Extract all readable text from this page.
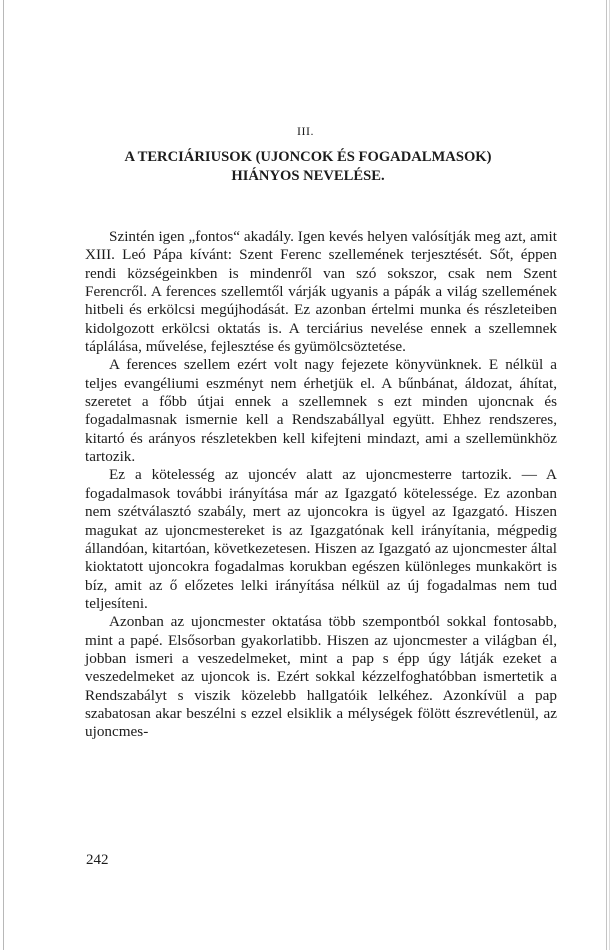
III.
A TERCIÁRIUSOK (UJONCOK ÉS FOGADALMASOK)
HIÁNYOS NEVELÉSE.

Szintén igen „fontos“ akadály. Igen kevés helyen valósítják meg azt, amit XIII. Leó Pápa kívánt: Szent Ferenc szellemének terjesztését. Sőt, éppen rendi községeinkben is mindenről van szó sokszor, csak nem Szent Ferencről. A ferences szellemtől várják ugyanis a pápák a világ szellemének hitbeli és erkölcsi megújhodását. Ez azonban értelmi munka és részleteiben kidolgozott erkölcsi oktatás is. A terciárius nevelése ennek a szellemnek táplálása, művelése, fejlesztése és gyümölcsöztetése.

A ferences szellem ezért volt nagy fejezete könyvünknek. E nélkül a teljes evangéliumi eszményt nem érhetjük el. A bűnbánat, áldozat, áhítat, szeretet a főbb útjai ennek a szellemnek s ezt minden ujoncnak és fogadalmasnak ismernie kell a Rendszabállyal együtt. Ehhez rendszeres, kitartó és arányos részletekben kell kifejteni mindazt, ami a szellemünkhöz tartozik.

Ez a kötelesség az ujoncév alatt az ujoncmesterre tartozik. — A fogadalmasok további irányítása már az Igazgató kötelessége. Ez azonban nem szétválasztó szabály, mert az ujoncokra is ügyel az Igazgató. Hiszen magukat az ujoncmestereket is az Igazgatónak kell irányítania, mégpedig állandóan, kitartóan, következetesen. Hiszen az Igazgató az ujoncmester által kioktatott ujoncokra fogadalmas korukban egészen különleges munkakört is bíz, amit az ő előzetes lelki irányítása nélkül az új fogadalmas nem tud teljesíteni.

Azonban az ujoncmester oktatása több szempontból sokkal fontosabb, mint a papé. Elsősorban gyakorlatibb. Hiszen az ujoncmester a világban él, jobban ismeri a veszedelmeket, mint a pap s épp úgy látják ezeket a veszedelmeket az ujoncok is. Ezért sokkal kézzelfoghatóbban ismertetik a Rendszabályt s viszik közelebb hallgatóik lelkéhez. Azonkívül a pap szabatosan akar beszélni s ezzel elsiklik a mélységek fölött észrevétlenül, az ujoncmes-

242
